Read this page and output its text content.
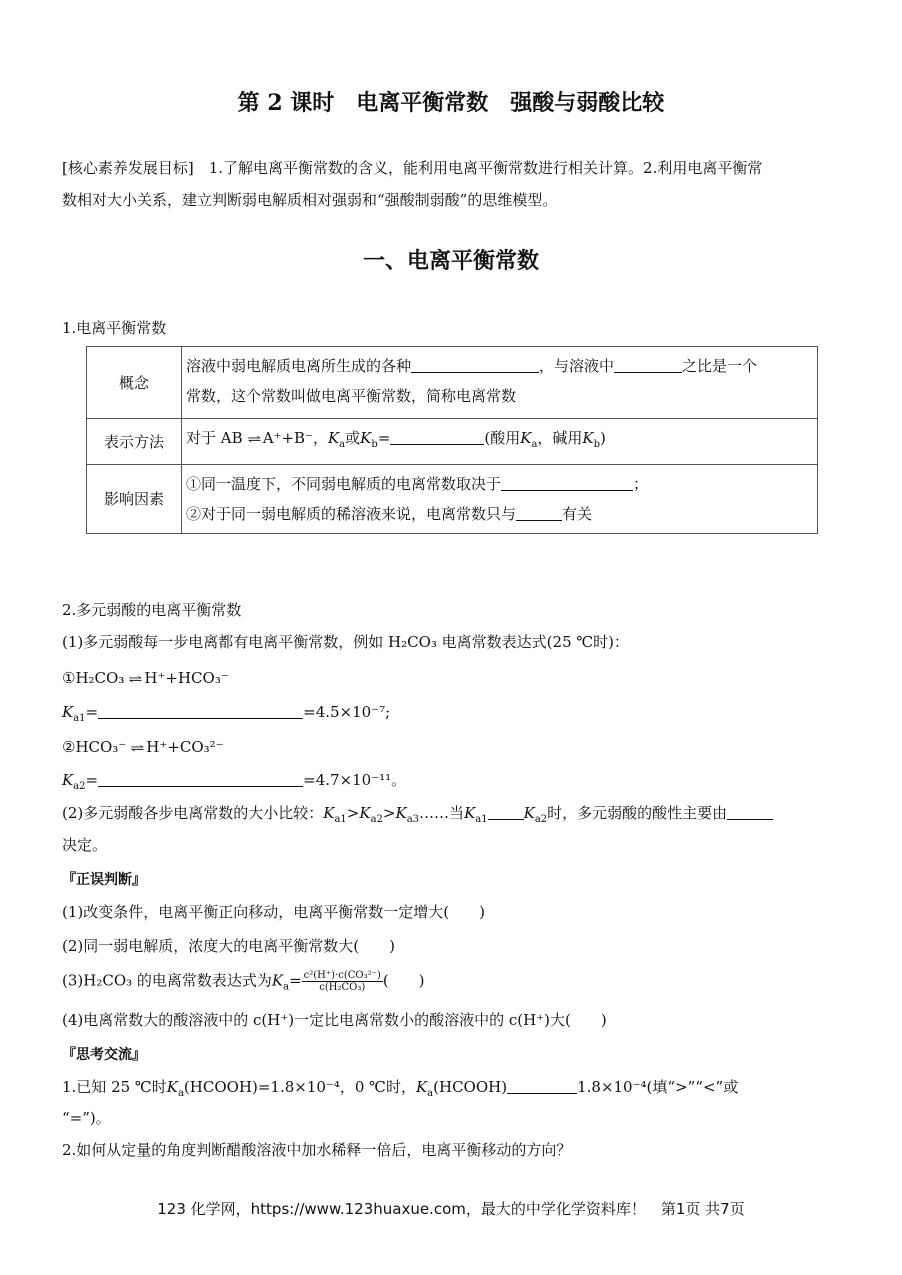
第 2 课时　电离平衡常数　强酸与弱酸比较
[核心素养发展目标]　 1.了解电离平衡常数的含义，能利用电离平衡常数进行相关计算。2.利用电离平衡常
数相对大小关系，建立判断弱电解质相对强弱和“强酸制弱酸”的思维模型。
一、电离平衡常数
1.电离平衡常数
概念	溶液中弱电解质电离所生成的各种 ，与溶液中 之比是一个
常数，这个常数叫做电离平衡常数，简称电离常数
表示方法	对于 AB ⇌ A⁺+B⁻，$K_a$或$K_b=$ (酸用$K_a$，碱用$K_b$)
影响因素	①同一温度下，不同弱电解质的电离常数取决于 ；
②对于同一弱电解质的稀溶液来说，电离常数只与 有关
2.多元弱酸的电离平衡常数
(1)多元弱酸每一步电离都有电离平衡常数，例如 H₂CO₃ 电离常数表达式(25 ℃时)：
①H₂CO₃ ⇌ H⁺+HCO₃⁻
$K_{a1}=$	=4.5×10⁻⁷;
②HCO₃⁻ ⇌ H⁺+CO₃²⁻
$K_{a2}=$	=4.7×10⁻¹¹。
(2)多元弱酸各步电离常数的大小比较：$K_{a1}>K_{a2}>K_{a3}\dots\dots$当$K_{a1}$ $K_{a2}$时，多元弱酸的酸性主要由
决定。
『正误判断』
(1)改变条件，电离平衡正向移动，电离平衡常数一定增大(　　)
(2)同一弱电解质，浓度大的电离平衡常数大(　　)
(3)H₂CO₃ 的电离常数表达式为$K_a= \frac{\text{c²(H⁺)·c(CO₃²⁻)}}{\text{c(H₂CO₃)}}$ (　　)
(4)电离常数大的酸溶液中的 c(H⁺)一定比电离常数小的酸溶液中的 c(H⁺)大(　　)
『思考交流』
1.已知 25 ℃时$K_a(HCOOH)=1.8\times 10^{-4}$，0 ℃时，$K_a(HCOOH)$	1.8×10⁻⁴(填“>”“<”或
“=”)。
2.如何从定量的角度判断醋酸溶液中加水稀释一倍后，电离平衡移动的方向？
123 化学网，https://www.123huaxue.com，最大的中学化学资料库！　第1页 共7页
